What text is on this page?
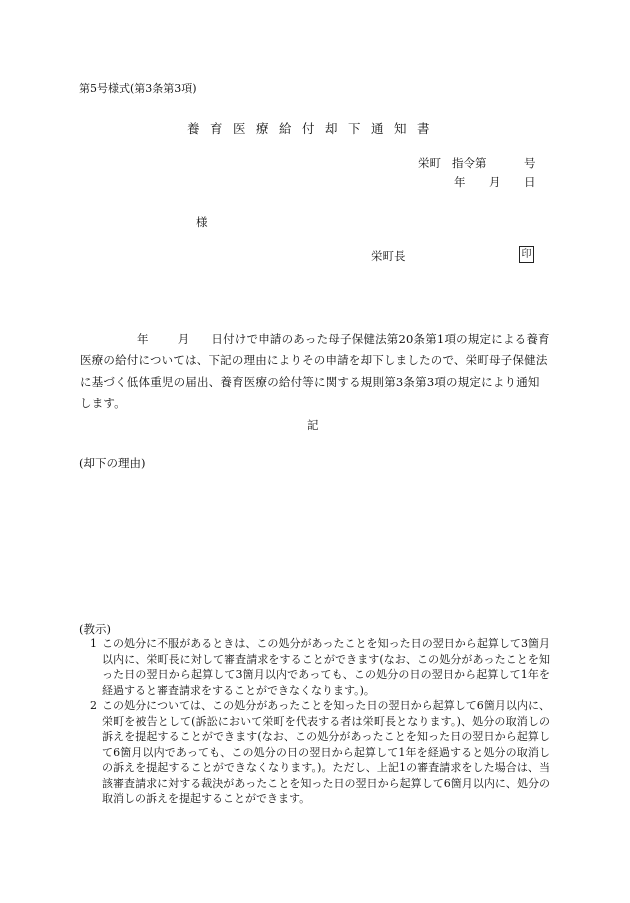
第5号様式(第3条第3項)

養育医療給付却下通知書
栄町 指令第	号
年 月 日

様

栄町長	印

年	月 日付けで申請のあった母子保健法第20条第1項の規定による養育医療の給付については、下記の理由によりその申請を却下しましたので、栄町母子保健法に基づく低体重児の届出、養育医療の給付等に関する規則第3条第3項の規定により通知します。

記

(却下の理由)

(教示)

1 この処分に不服があるときは、この処分があったことを知った日の翌日から起算して3箇月以内に、栄町長に対して審査請求をすることができます(なお、この処分があったことを知った日の翌日から起算して3箇月以内であっても、この処分の日の翌日から起算して1年を経過すると審査請求をすることができなくなります。)。
2 この処分については、この処分があったことを知った日の翌日から起算して6箇月以内に、栄町を被告として(訴訟において栄町を代表する者は栄町長となります。)、処分の取消しの訴えを提起することができます(なお、この処分があったことを知った日の翌日から起算して6箇月以内であっても、この処分の日の翌日から起算して1年を経過すると処分の取消しの訴えを提起することができなくなります。)。ただし、上記1の審査請求をした場合は、当該審査請求に対する裁決があったことを知った日の翌日から起算して6箇月以内に、処分の取消しの訴えを提起することができます。
